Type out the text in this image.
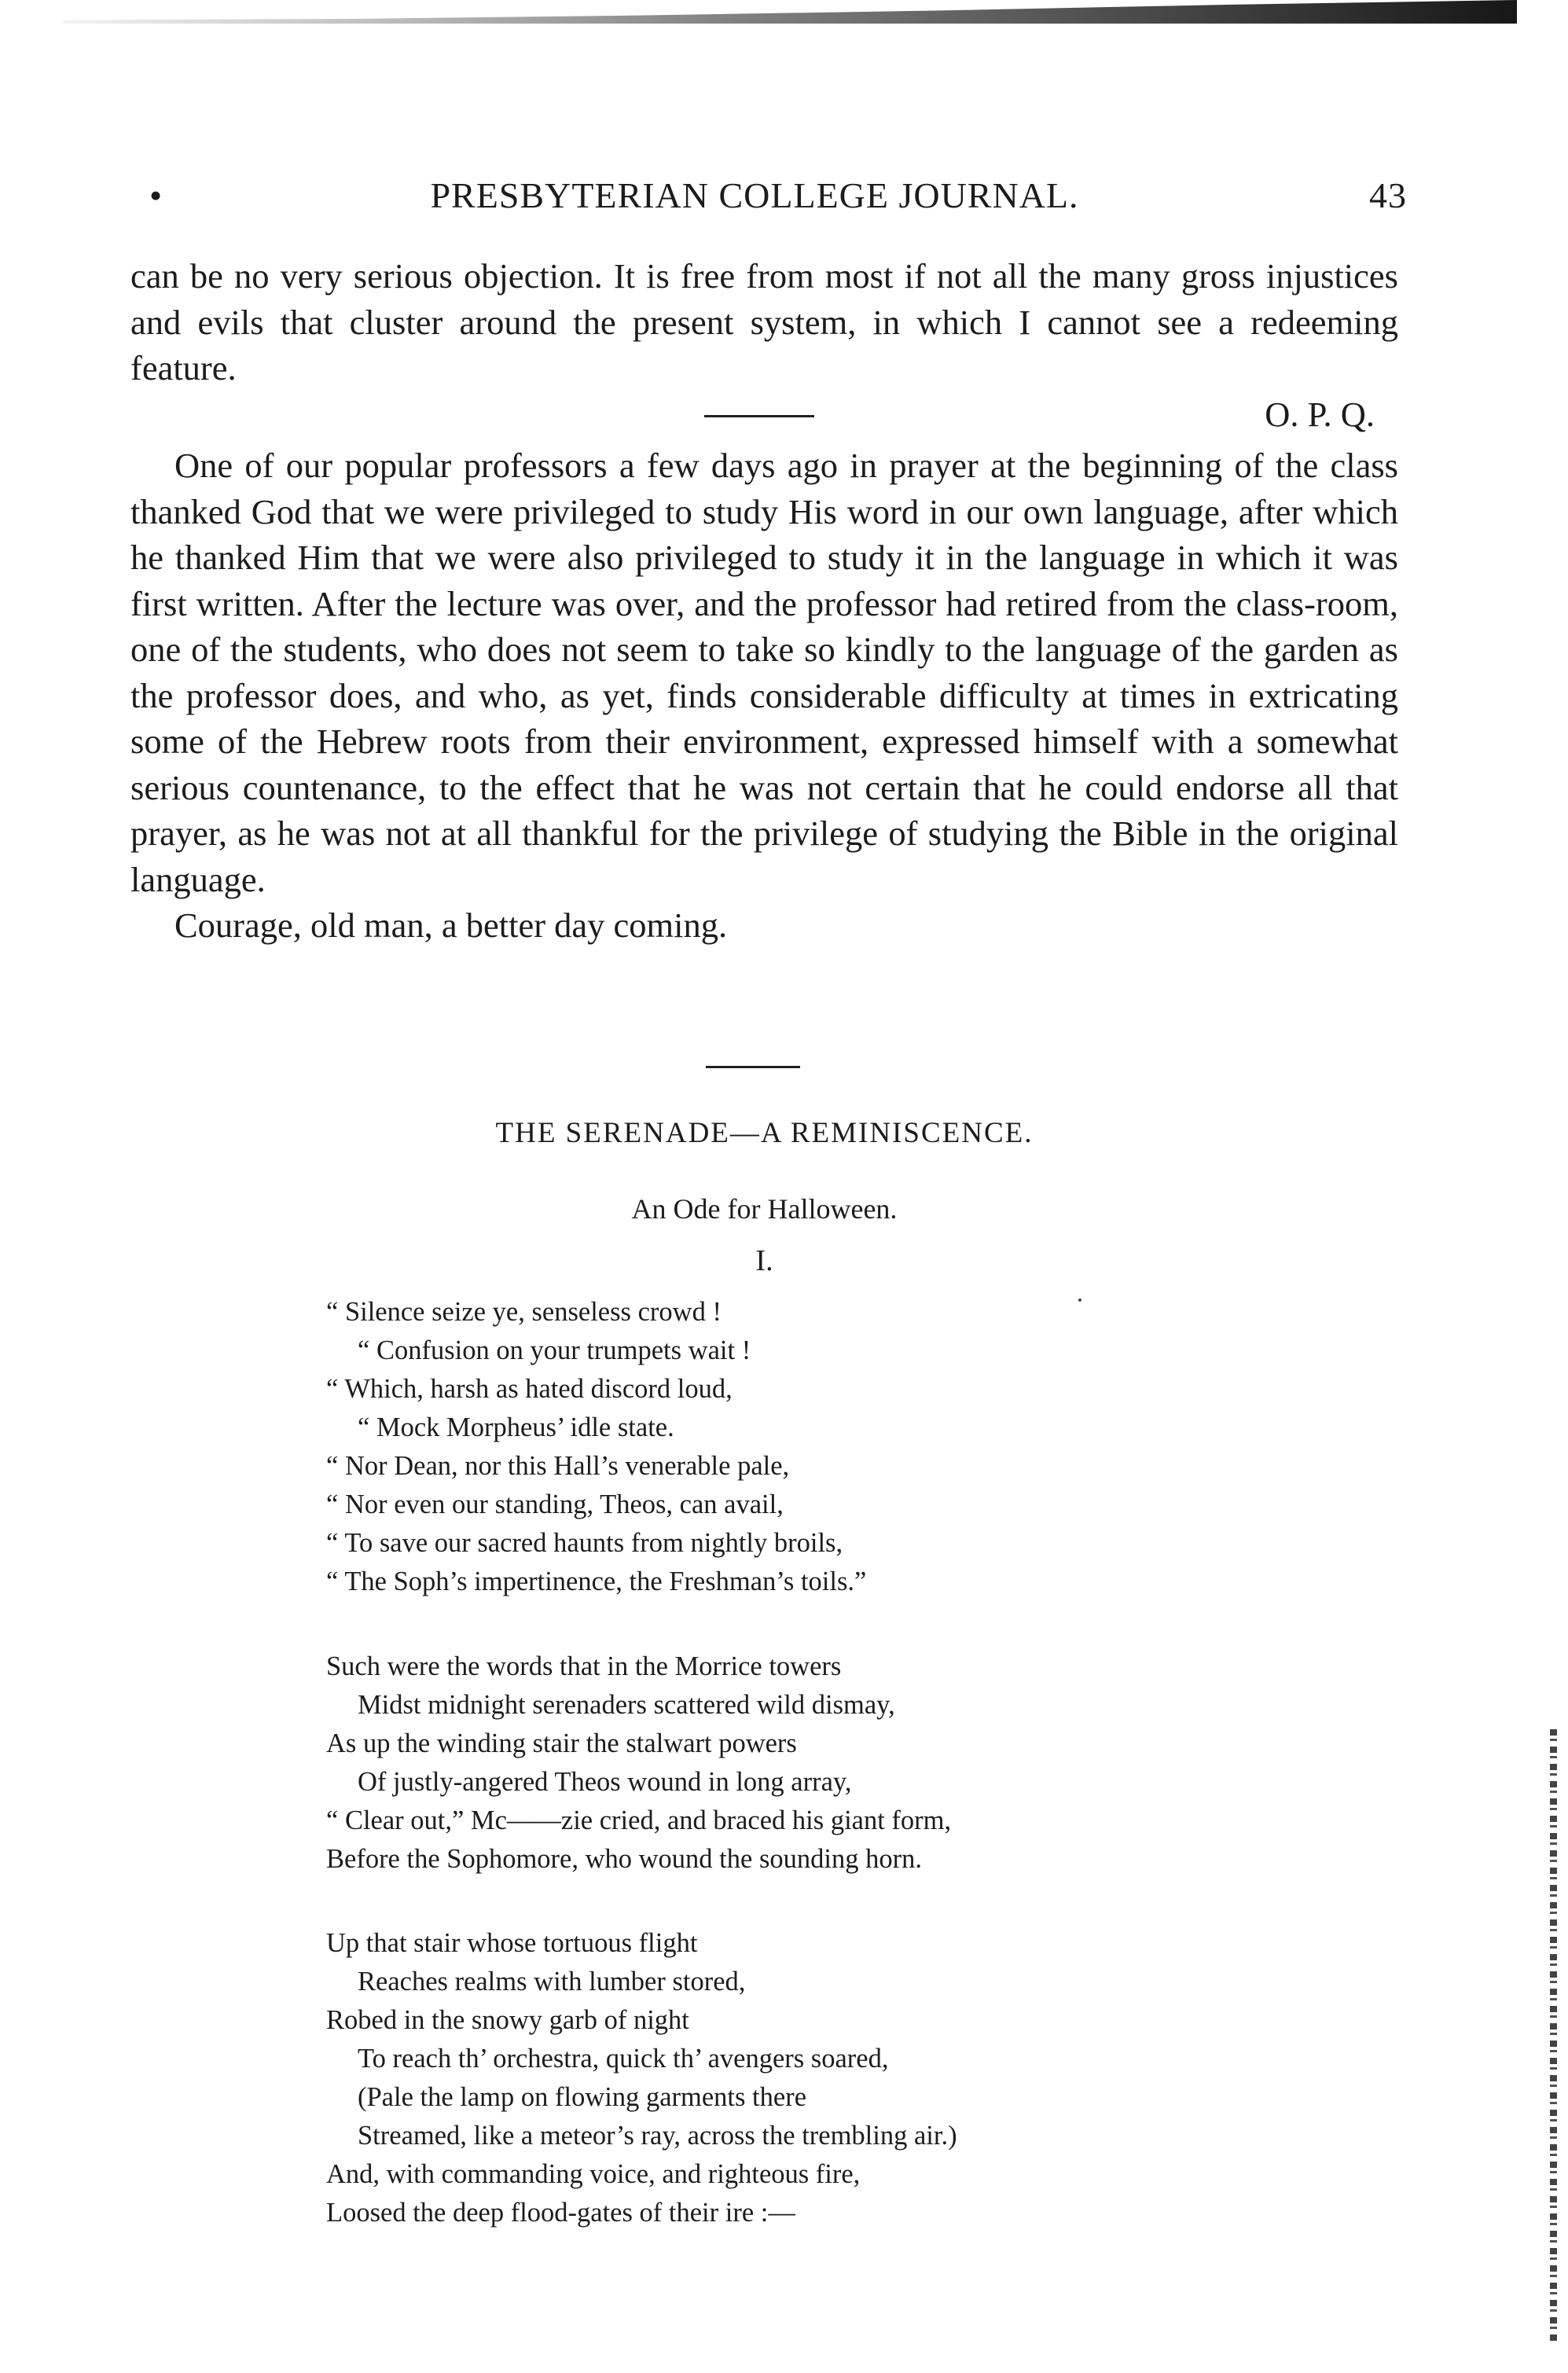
•	PRESBYTERIAN COLLEGE JOURNAL.	43

can be no very serious objection. It is free from most if not all the many gross injustices and evils that cluster around the present system, in which I cannot see a redeeming feature.

O. P. Q.

One of our popular professors a few days ago in prayer at the beginning of the class thanked God that we were privileged to study His word in our own language, after which he thanked Him that we were also privileged to study it in the language in which it was first written. After the lecture was over, and the professor had retired from the class-room, one of the students, who does not seem to take so kindly to the language of the garden as the professor does, and who, as yet, finds considerable difficulty at times in extricating some of the Hebrew roots from their environment, expressed himself with a somewhat serious countenance, to the effect that he was not certain that he could endorse all that prayer, as he was not at all thankful for the privilege of studying the Bible in the original language.

Courage, old man, a better day coming.

THE SERENADE—A REMINISCENCE.
An Ode for Halloween.
I.
“ Silence seize ye, senseless crowd !
“ Confusion on your trumpets wait !
“ Which, harsh as hated discord loud,
“ Mock Morpheus’ idle state.
“ Nor Dean, nor this Hall’s venerable pale,
“ Nor even our standing, Theos, can avail,
“ To save our sacred haunts from nightly broils,
“ The Soph’s impertinence, the Freshman’s toils.”
Such were the words that in the Morrice towers
Midst midnight serenaders scattered wild dismay,
As up the winding stair the stalwart powers
Of justly-angered Theos wound in long array,
“ Clear out,” Mc——zie cried, and braced his giant form,
Before the Sophomore, who wound the sounding horn.
Up that stair whose tortuous flight
Reaches realms with lumber stored,
Robed in the snowy garb of night
To reach th’ orchestra, quick th’ avengers soared,
(Pale the lamp on flowing garments there
Streamed, like a meteor’s ray, across the trembling air.)
And, with commanding voice, and righteous fire,
Loosed the deep flood-gates of their ire :—
